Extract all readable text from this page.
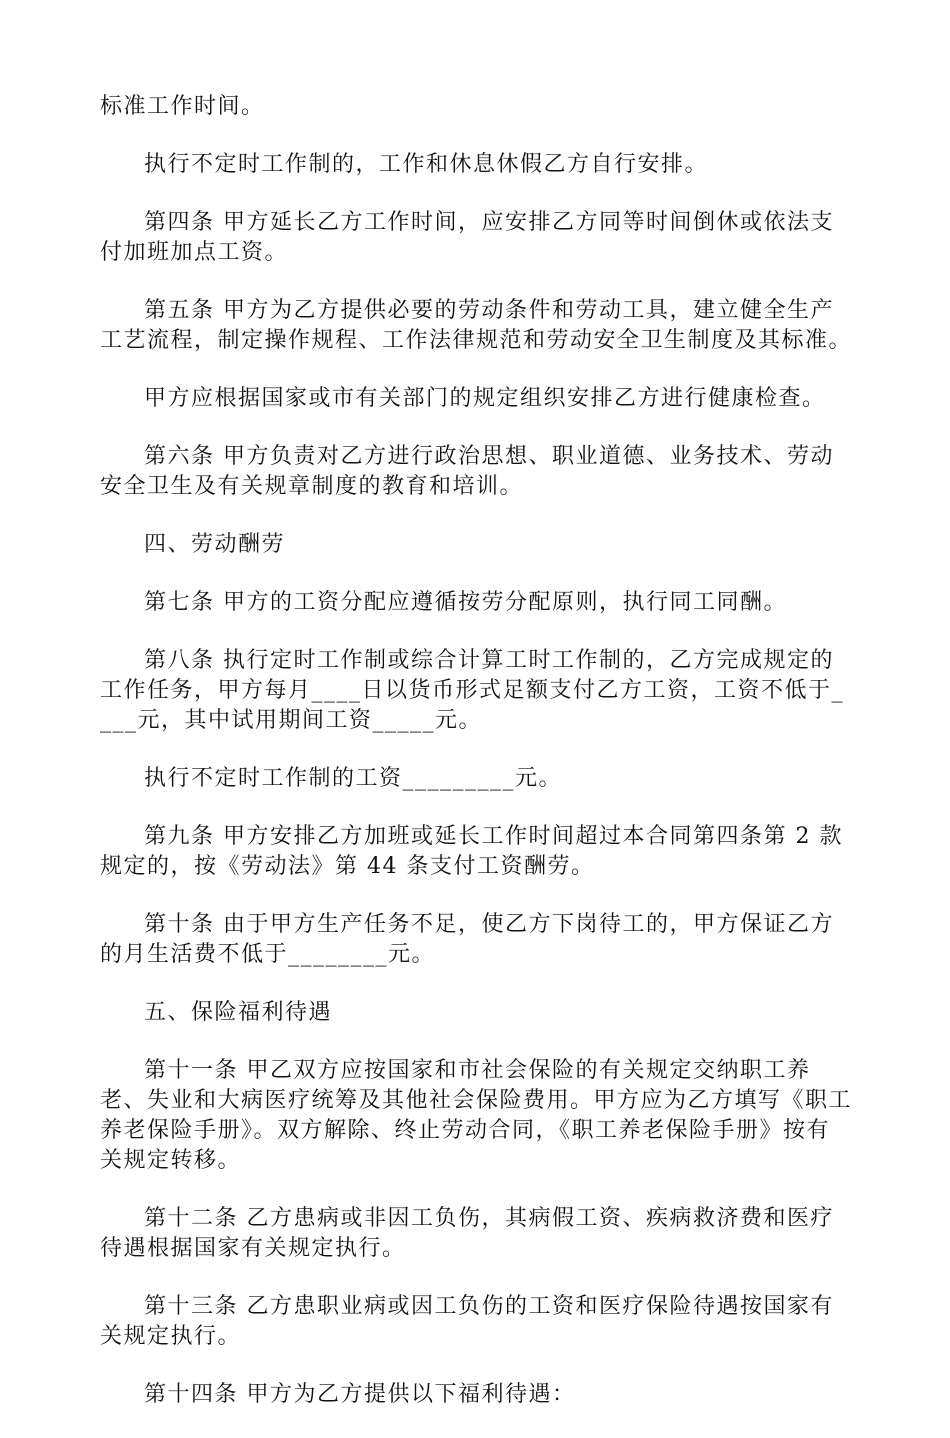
标准工作时间。

执行不定时工作制的，工作和休息休假乙方自行安排。

第四条 甲方延长乙方工作时间，应安排乙方同等时间倒休或依法支付加班加点工资。

第五条 甲方为乙方提供必要的劳动条件和劳动工具，建立健全生产工艺流程，制定操作规程、工作法律规范和劳动安全卫生制度及其标准。

甲方应根据国家或市有关部门的规定组织安排乙方进行健康检查。

第六条 甲方负责对乙方进行政治思想、职业道德、业务技术、劳动安全卫生及有关规章制度的教育和培训。

四、劳动酬劳

第七条 甲方的工资分配应遵循按劳分配原则，执行同工同酬。

第八条 执行定时工作制或综合计算工时工作制的，乙方完成规定的工作任务，甲方每月____日以货币形式足额支付乙方工资，工资不低于____元，其中试用期间工资_____元。

执行不定时工作制的工资_________元。

第九条 甲方安排乙方加班或延长工作时间超过本合同第四条第 2 款规定的，按《劳动法》第 44 条支付工资酬劳。

第十条 由于甲方生产任务不足，使乙方下岗待工的，甲方保证乙方的月生活费不低于________元。

五、保险福利待遇

第十一条 甲乙双方应按国家和市社会保险的有关规定交纳职工养老、失业和大病医疗统筹及其他社会保险费用。甲方应为乙方填写《职工养老保险手册》。双方解除、终止劳动合同，《职工养老保险手册》按有关规定转移。

第十二条 乙方患病或非因工负伤，其病假工资、疾病救济费和医疗待遇根据国家有关规定执行。

第十三条 乙方患职业病或因工负伤的工资和医疗保险待遇按国家有关规定执行。

第十四条 甲方为乙方提供以下福利待遇：
